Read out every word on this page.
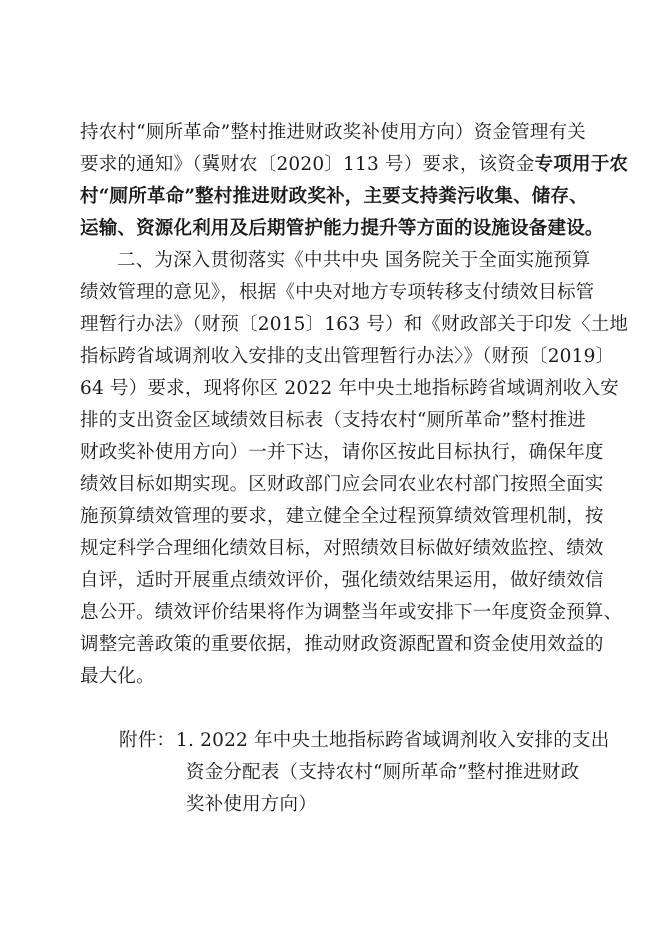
持农村“厕所革命”整村推进财政奖补使用方向）资金管理有关
要求的通知》（冀财农〔2020〕113 号）要求，该资金专项用于农
村“厕所革命”整村推进财政奖补，主要支持粪污收集、储存、
运输、资源化利用及后期管护能力提升等方面的设施设备建设。
二、为深入贯彻落实《中共中央 国务院关于全面实施预算
绩效管理的意见》，根据《中央对地方专项转移支付绩效目标管
理暂行办法》（财预〔2015〕163 号）和《财政部关于印发〈土地
指标跨省域调剂收入安排的支出管理暂行办法〉》（财预〔2019〕
64 号）要求，现将你区 2022 年中央土地指标跨省域调剂收入安
排的支出资金区域绩效目标表（支持农村“厕所革命”整村推进
财政奖补使用方向）一并下达，请你区按此目标执行，确保年度
绩效目标如期实现。区财政部门应会同农业农村部门按照全面实
施预算绩效管理的要求，建立健全全过程预算绩效管理机制，按
规定科学合理细化绩效目标，对照绩效目标做好绩效监控、绩效
自评，适时开展重点绩效评价，强化绩效结果运用，做好绩效信
息公开。绩效评价结果将作为调整当年或安排下一年度资金预算、
调整完善政策的重要依据，推动财政资源配置和资金使用效益的
最大化。
附件： 1. 2022 年中央土地指标跨省域调剂收入安排的支出
资金分配表（支持农村“厕所革命”整村推进财政
奖补使用方向）
